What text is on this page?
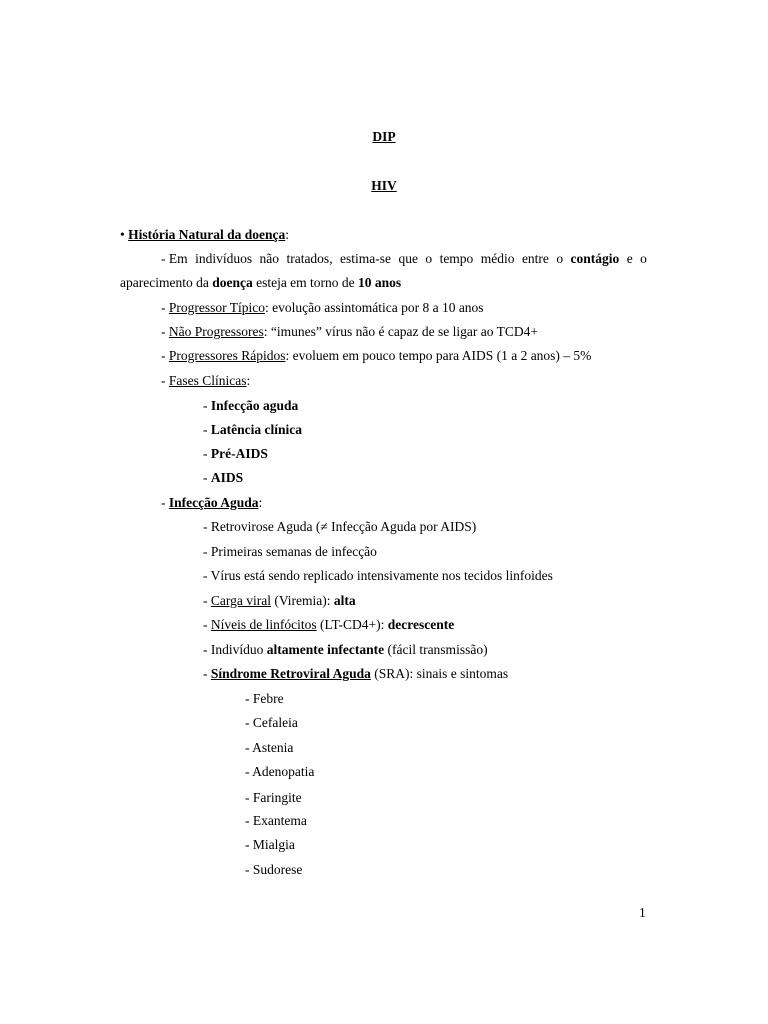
DIP
HIV
• História Natural da doença:
- Em indivíduos não tratados, estima-se que o tempo médio entre o contágio e o
aparecimento da doença esteja em torno de 10 anos
- Progressor Típico: evolução assintomática por 8 a 10 anos
- Não Progressores: “imunes” vírus não é capaz de se ligar ao TCD4+
- Progressores Rápidos: evoluem em pouco tempo para AIDS (1 a 2 anos) – 5%
- Fases Clínicas:
- Infecção aguda
- Latência clínica
- Pré-AIDS
- AIDS
- Infecção Aguda:
- Retrovirose Aguda (≠ Infecção Aguda por AIDS)
- Primeiras semanas de infecção
- Vírus está sendo replicado intensivamente nos tecidos linfoides
- Carga viral (Viremia): alta
- Níveis de linfócitos (LT-CD4+): decrescente
- Indivíduo altamente infectante (fácil transmissão)
- Síndrome Retroviral Aguda (SRA): sinais e sintomas
- Febre
- Cefaleia
- Astenia
- Adenopatia
- Faringite
- Exantema
- Mialgia
- Sudorese
1
